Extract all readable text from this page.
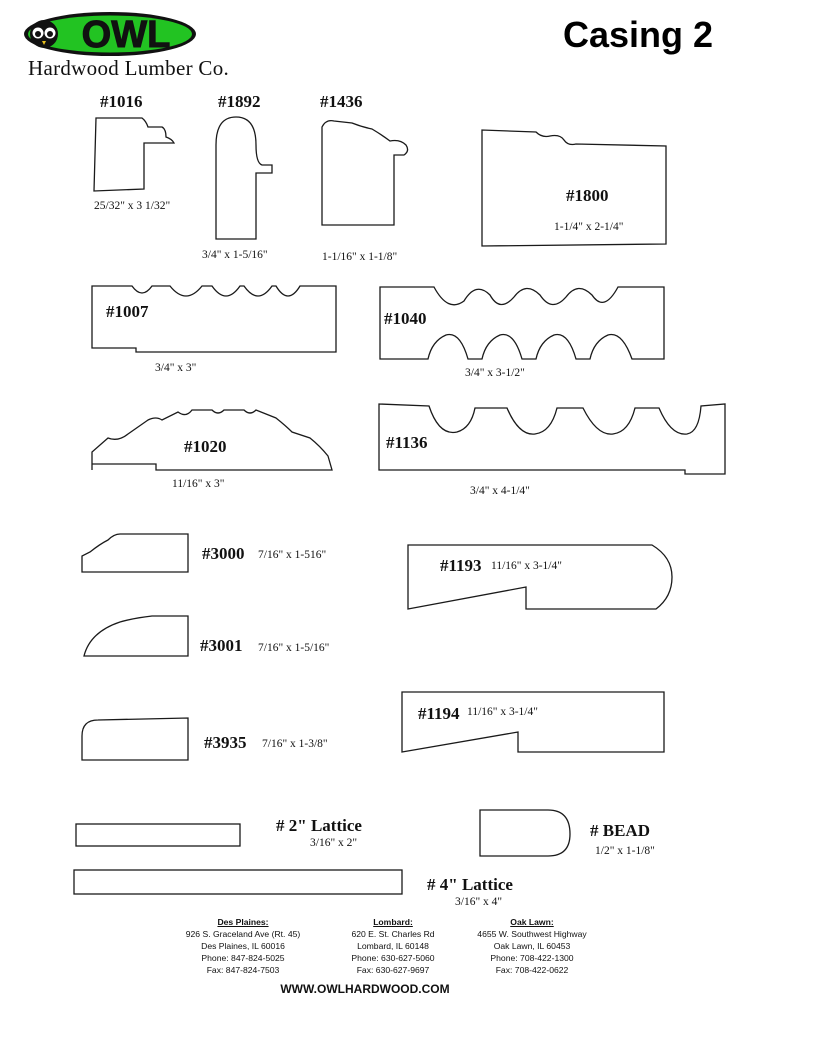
OWL
Hardwood Lumber Co.
Casing 2
#1016
25/32" x 3 1/32"
#1892
3/4" x 1-5/16"
#1436
1-1/16" x 1-1/8"
#1800
1-1/4" x 2-1/4"
#1007
3/4" x 3"
#1040
3/4" x 3-1/2"
#1020
11/16" x 3"
#1136
3/4" x 4-1/4"
#3000 7/16" x 1-516"
#1193 11/16" x 3-1/4"
#3001 7/16" x 1-5/16"
#1194 11/16" x 3-1/4"
#3935 7/16" x 1-3/8"
# 2" Lattice
3/16" x 2"
# BEAD
1/2" x 1-1/8"
# 4" Lattice
3/16" x 4"
Des Plaines:
926 S. Graceland Ave (Rt. 45)
Des Plaines, IL 60016
Phone: 847-824-5025
Fax: 847-824-7503
Lombard:
620 E. St. Charles Rd
Lombard, IL 60148
Phone: 630-627-5060
Fax: 630-627-9697
Oak Lawn:
4655 W. Southwest Highway
Oak Lawn, IL 60453
Phone: 708-422-1300
Fax: 708-422-0622
WWW.OWLHARDWOOD.COM
